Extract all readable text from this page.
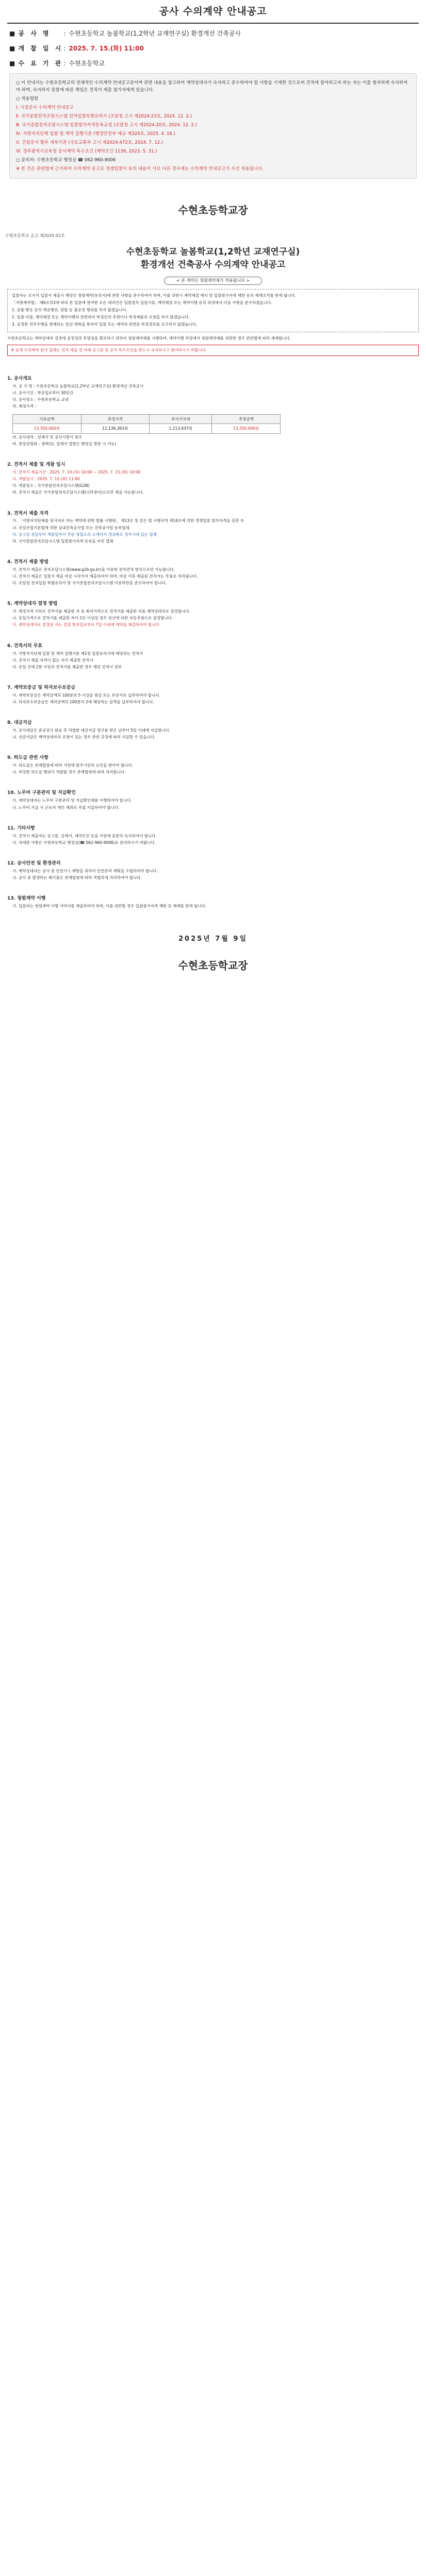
공사 수의계약 안내공고
■ 공 사 명 : 수현초등학교 놀봄학교(1,2학년 교재연구실) 환경개선 건축공사
■ 개 찰 일 시: 2025. 7. 15.(화) 11:00
■ 수 요 기 관: 수현초등학교

○ 이 안내서는 수현초등학교의 전체적인 수의계약 안내공고문이며 관련 내용을 참고하여 계약상대자가 숙지하고 준수하여야 할 사항을 기재한 것으로써 견적에 참여하고자 하는 자는 이를 철저하게 숙지하여야 하며, 숙지하지 못함에 따른 책임은 견적서 제출 참가자에게 있습니다.

○ 적용법령

Ⅰ. 시설공사 수의계약 안내공고

Ⅱ. 국가종합전자조달시스템 전자입찰특별유의서 (조달청 고시 제2024-23호, 2024. 12. 2.)

Ⅲ. 국가종합전자조달시스템 입찰참가자격등록규정 (조달청 고시 제2024-20호, 2024. 12. 2.)

Ⅳ. 지방자치단체 입찰 및 계약 집행기준 (행정안전부 예규 제324호, 2025. 4. 16.)

Ⅴ. 건설공사 발주 세부기준 (국토교통부 고시 제2024-472호, 2024. 7. 12.)

Ⅵ. 경주광역시교육청 공사계약 특수조건 (계약조건 1136, 2023. 5. 31.)

○ 문의처: 수현초등학교 행정실 ☎ 062-960-9006

※ 본 건은 관련법에 근거하여 수의계약 공고로 경쟁입찰이 동의 내용이 서로 다른 경우에는 수의계약 안내공고가 우선 적용됩니다.

수현초등학교장
수현초등학교 공고 제2025-52호
수현초등학교 놀봄학교(1,2학년 교재연구실)
환경개선 건축공사 수의계약 안내공고
< 본 계약은 청렴계약제가 적용됩니다 >

입찰자는 조지서 입찰서 제출시 해당인 청렴계약(유의서)에 관한 사항을 준수하여야 하며, 이를 위반시 계약체결 해지 및 입찰참가자격 제한 등의 제재조치를 받게 됩니다.

「지방계약법」 제6조의2에 따라 본 입찰에 참여한 모든 대리인은 입찰절차 입찰서류, 계약체결 또는 계약이행 등의 과정에서 다음 사항을 준수하겠습니다.

1. 금품·향응 등의 제공행위, 담합 등 불공정 행위를 하지 않겠습니다.

2. 입찰·낙찰, 계약체결 또는 계약이행과 관련하여 특정인의 추천이나 특정제품의 요청을 하지 않겠습니다.

3. 공정한 직무수행을 방해하는 알선·청탁을 통하여 입찰 또는 계약과 관련된 특정정보를 요구하지 않겠습니다.

수현초등학교는 계약상대자 결정에 공정성과 투명성을 확보하기 위하여 청렴계약제를 시행하며, 계약이행 과정에서 청렴계약제를 위반한 경우 관련법에 따라 제재합니다.
※ 공개 수의계약 참가 업체는 견적 제출 전 아래 공고문 및 공사 특수조건을 반드시 숙지하시고 참여하시기 바랍니다.
1. 공사개요
가. 공 사 명 : 수현초등학교 놀봄학교(1,2학년 교재연구실) 환경개선 건축공사
나. 공사기간 : 착공일로부터 30일간
다. 공사장소 : 수현초등학교 교내
라. 예정가격 :
기초금액	추정가격	부가가치세	추정금액
13,350,000원	12,136,363원	1,213,637원	13,350,000원
마. 공사내역 : 설계서 및 공사시방서 참조
바. 현장설명회 : 생략(단, 설계서 열람은 행정실 방문 시 가능)
2. 견적서 제출 및 개찰 일시
가. 견적서 제출기간 : 2025. 7. 10.(목) 10:00 ~ 2025. 7. 15.(화) 10:00
나. 개찰일시 : 2025. 7. 15.(화) 11:00
다. 개찰장소 : 국가종합전자조달시스템(G2B)
라. 견적서 제출은 국가종합전자조달시스템(나라장터)으로만 제출 가능합니다.
3. 견적서 제출 자격
가. 「지방자치단체를 당사자로 하는 계약에 관한 법률 시행령」 제13조 및 같은 법 시행규칙 제14조에 의한 경쟁입찰 참가자격을 갖춘 자
나. 건설산업기본법에 의한 실내건축공사업 또는 건축공사업 등록업체
다. 공고일 전일부터 개찰일까지 주된 영업소의 소재지가 경상북도 경주시에 있는 업체
라. 국가종합전자조달시스템 입찰참가자격 등록을 마친 업체
4. 견적서 제출 방법
가. 견적서 제출은 전자조달시스템(www.g2b.go.kr)을 이용한 전자견적 방식으로만 가능합니다.
나. 견적서 제출은 입찰서 제출 마감 시각까지 제출하여야 하며, 마감 이후 제출된 견적서는 무효로 처리됩니다.
다. 조달청 전자입찰 특별유의서 및 국가종합전자조달시스템 이용약관을 준수하여야 합니다.
5. 계약상대자 결정 방법
가. 예정가격 이하로 견적서를 제출한 자 중 최저가격으로 견적서를 제출한 자를 계약상대자로 결정합니다.
나. 동일가격으로 견적서를 제출한 자가 2인 이상일 경우 전산에 의한 자동추첨으로 결정합니다.
다. 계약상대자로 결정된 자는 결정 통보일로부터 7일 이내에 계약을 체결하여야 합니다.
6. 견적서의 무효
가. 지방자치단체 입찰 및 계약 집행기준 제1장 입찰유의서에 해당하는 견적서
나. 견적서 제출 자격이 없는 자가 제출한 견적서
다. 동일 건에 2통 이상의 견적서를 제출한 경우 해당 견적서 전부
7. 계약보증금 및 하자보수보증금
가. 계약보증금은 계약금액의 100분의 5 이상을 현금 또는 보증서로 납부하여야 합니다.
나. 하자보수보증금은 계약금액의 100분의 2에 해당하는 금액을 납부하여야 합니다.
8. 대금지급
가. 공사대금은 준공검사 완료 후 적법한 대금지급 청구를 받은 날부터 5일 이내에 지급합니다.
나. 선금지급은 계약상대자의 요청이 있는 경우 관련 규정에 따라 지급할 수 있습니다.
9. 하도급 관련 사항
가. 하도급은 관계법령에 따라 사전에 발주기관의 승인을 받아야 합니다.
나. 부당한 하도급 행위가 적발될 경우 관계법령에 따라 처리합니다.
10. 노무비 구분관리 및 지급확인
가. 계약상대자는 노무비 구분관리 및 지급확인제를 이행하여야 합니다.
나. 노무비 지급 시 근로자 개인 계좌로 직접 지급하여야 합니다.
11. 기타사항
가. 견적서 제출자는 공고문, 설계서, 계약조건 등을 사전에 충분히 숙지하여야 합니다.
나. 자세한 사항은 수현초등학교 행정실(☎ 062-960-9006)로 문의하시기 바랍니다.
12. 공사안전 및 환경관리
가. 계약상대자는 공사 중 안전사고 예방을 위하여 안전관리 계획을 수립하여야 합니다.
나. 공사 중 발생하는 폐기물은 관계법령에 따라 적법하게 처리하여야 합니다.
13. 청렴계약 이행
가. 입찰자는 청렴계약 이행 서약서를 제출하여야 하며, 이를 위반할 경우 입찰참가자격 제한 등 제재를 받게 됩니다.
2025년 7월 9일
수현초등학교장
